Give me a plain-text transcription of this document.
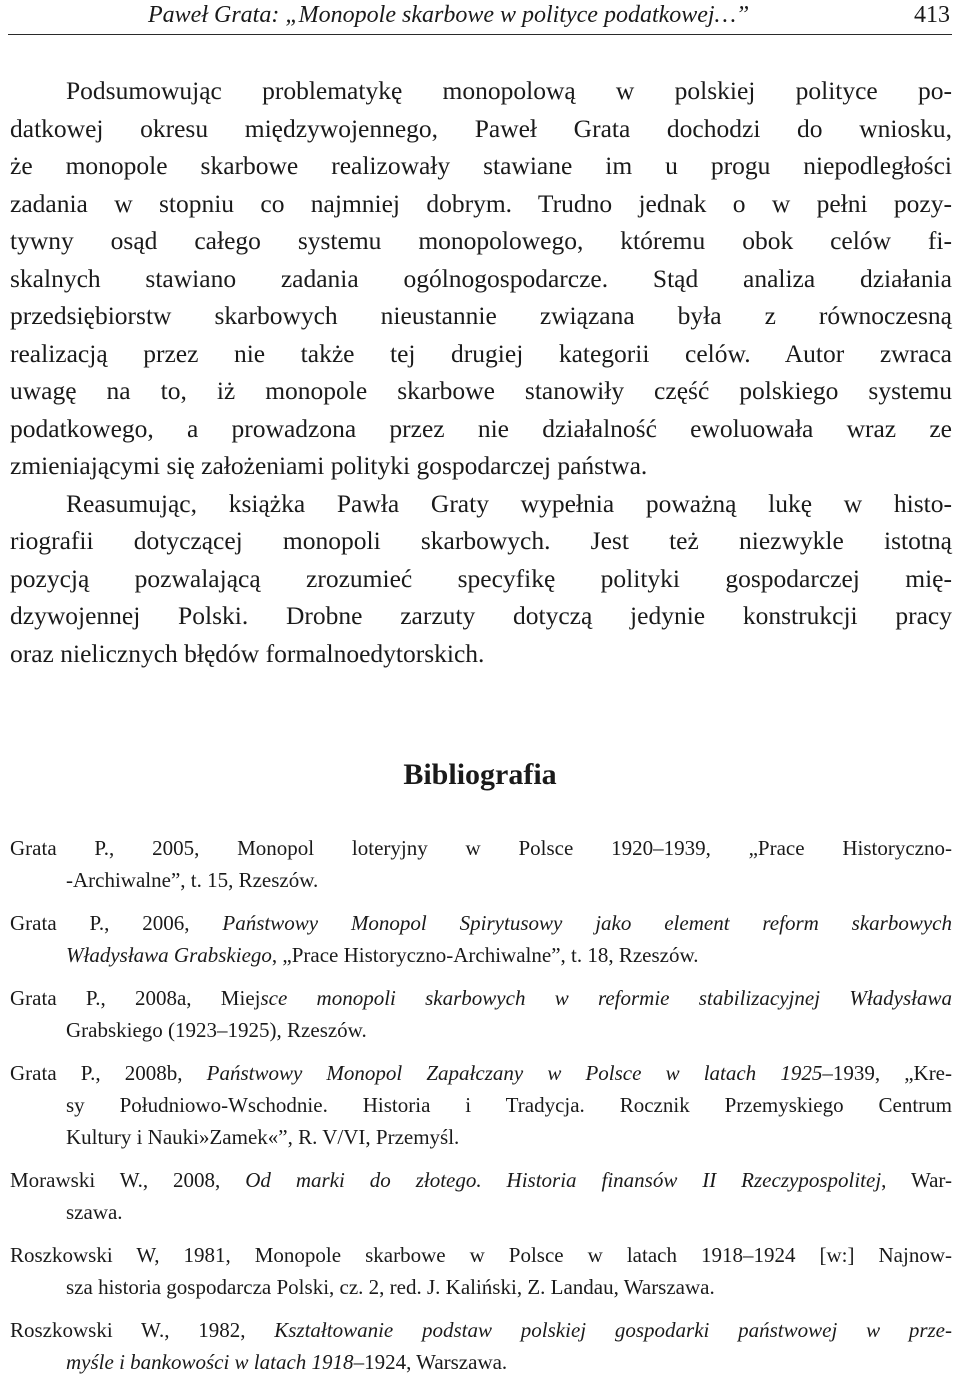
Paweł Grata: „Monopole skarbowe w polityce podatkowej…”	413
Podsumowując problematykę monopolową w polskiej polityce po-
datkowej okresu międzywojennego, Paweł Grata dochodzi do wniosku,
że monopole skarbowe realizowały stawiane im u progu niepodległości
zadania w stopniu co najmniej dobrym. Trudno jednak o w pełni pozy-
tywny osąd całego systemu monopolowego, któremu obok celów fi-
skalnych stawiano zadania ogólnogospodarcze. Stąd analiza działania
przedsiębiorstw skarbowych nieustannie związana była z równoczesną
realizacją przez nie także tej drugiej kategorii celów. Autor zwraca
uwagę na to, iż monopole skarbowe stanowiły część polskiego systemu
podatkowego, a prowadzona przez nie działalność ewoluowała wraz ze
zmieniającymi się założeniami polityki gospodarczej państwa.
Reasumując, książka Pawła Graty wypełnia poważną lukę w histo-
riografii dotyczącej monopoli skarbowych. Jest też niezwykle istotną
pozycją pozwalającą zrozumieć specyfikę polityki gospodarczej mię-
dzywojennej Polski. Drobne zarzuty dotyczą jedynie konstrukcji pracy
oraz nielicznych błędów formalnoedytorskich.
Bibliografia
Grata P., 2005, Monopol loteryjny w Polsce 1920–1939, „Prace Historyczno-
-Archiwalne”, t. 15, Rzeszów.
Grata P., 2006, Państwowy Monopol Spirytusowy jako element reform skarbowych
Władysława Grabskiego, „Prace Historyczno-Archiwalne”, t. 18, Rzeszów.
Grata P., 2008a, Miejsce monopoli skarbowych w reformie stabilizacyjnej Władysława
Grabskiego (1923–1925), Rzeszów.
Grata P., 2008b, Państwowy Monopol Zapałczany w Polsce w latach 1925–1939, „Kre-
sy Południowo-Wschodnie. Historia i Tradycja. Rocznik Przemyskiego Centrum
Kultury i Nauki»Zamek«”, R. V/VI, Przemyśl.
Morawski W., 2008, Od marki do złotego. Historia finansów II Rzeczypospolitej, War-
szawa.
Roszkowski W, 1981, Monopole skarbowe w Polsce w latach 1918–1924 [w:] Najnow-
sza historia gospodarcza Polski, cz. 2, red. J. Kaliński, Z. Landau, Warszawa.
Roszkowski W., 1982, Kształtowanie podstaw polskiej gospodarki państwowej w prze-
myśle i bankowości w latach 1918–1924, Warszawa.
